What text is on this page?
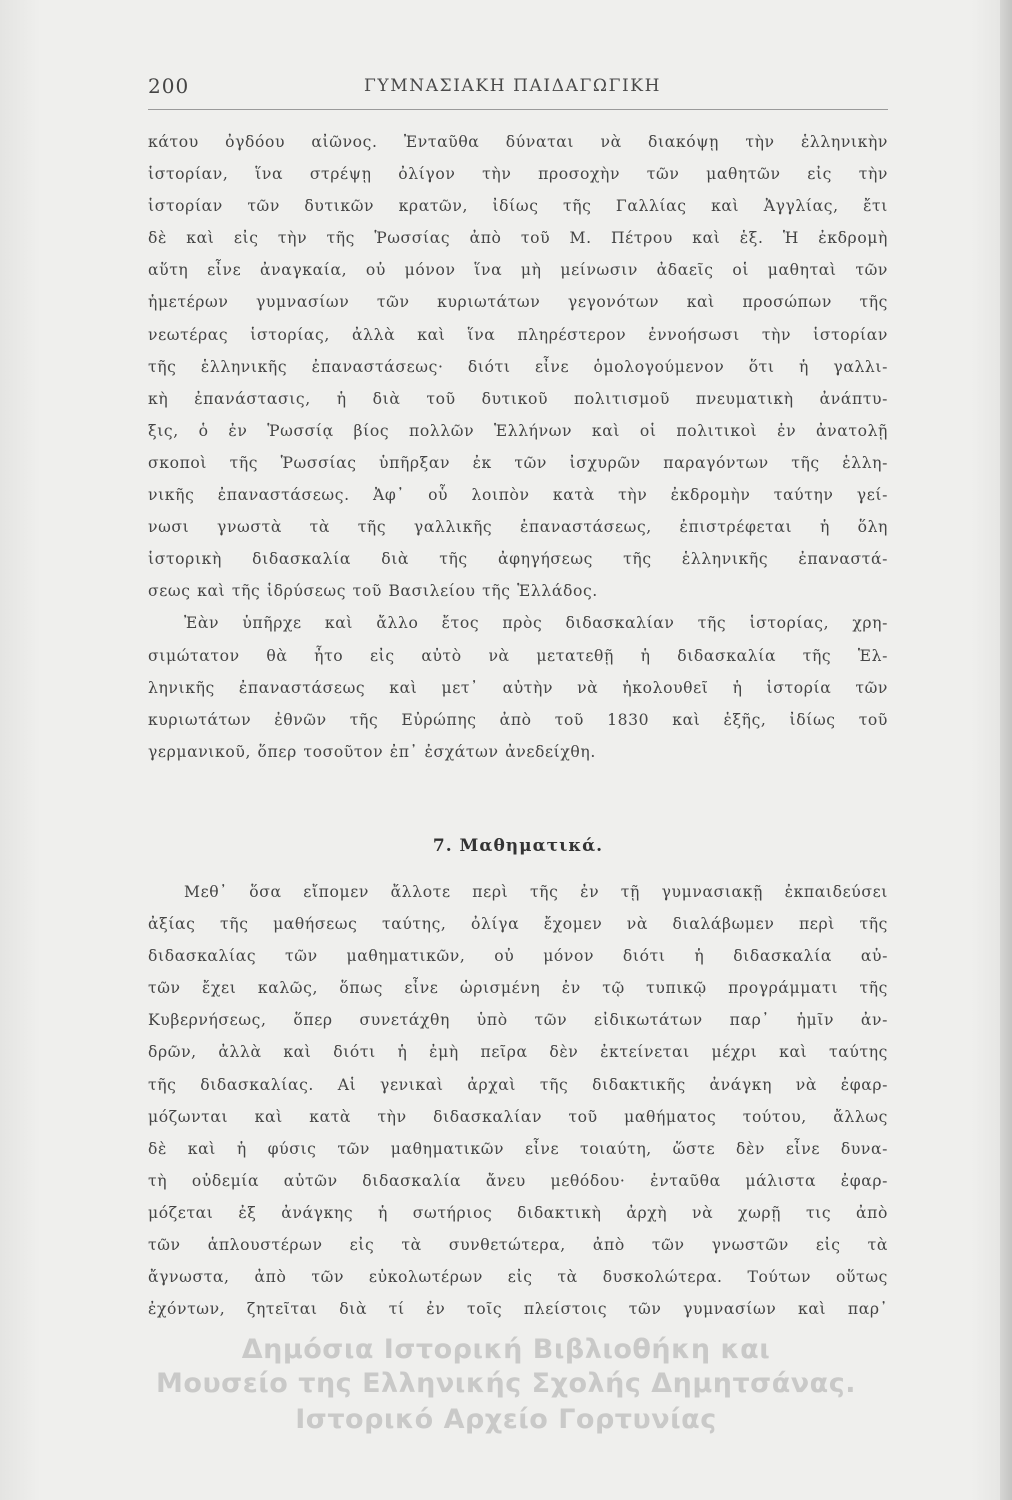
200	ΓΥΜΝΑΣΙΑΚΗ ΠΑΙΔΑΓΩΓΙΚΗ
κάτου ὀγδόου αἰῶνος. Ἐνταῦθα δύναται νὰ διακόψῃ τὴν ἑλληνικὴν
ἱστορίαν, ἵνα στρέψῃ ὀλίγον τὴν προσοχὴν τῶν μαθητῶν εἰς τὴν
ἱστορίαν τῶν δυτικῶν κρατῶν, ἰδίως τῆς Γαλλίας καὶ Ἀγγλίας, ἔτι
δὲ καὶ εἰς τὴν τῆς Ῥωσσίας ἀπὸ τοῦ Μ. Πέτρου καὶ ἑξ. Ἡ ἐκδρομὴ
αὕτη εἶνε ἀναγκαία, οὐ μόνον ἵνα μὴ μείνωσιν ἀδαεῖς οἱ μαθηταὶ τῶν
ἡμετέρων γυμνασίων τῶν κυριωτάτων γεγονότων καὶ προσώπων τῆς
νεωτέρας ἱστορίας, ἀλλὰ καὶ ἵνα πληρέστερον ἐννοήσωσι τὴν ἱστορίαν
τῆς ἑλληνικῆς ἐπαναστάσεως· διότι εἶνε ὁμολογούμενον ὅτι ἡ γαλλι-
κὴ ἐπανάστασις, ἡ διὰ τοῦ δυτικοῦ πολιτισμοῦ πνευματικὴ ἀνάπτυ-
ξις, ὁ ἐν Ῥωσσίᾳ βίος πολλῶν Ἑλλήνων καὶ οἱ πολιτικοὶ ἐν ἀνατολῇ
σκοποὶ τῆς Ῥωσσίας ὑπῆρξαν ἐκ τῶν ἰσχυρῶν παραγόντων τῆς ἑλλη-
νικῆς ἐπαναστάσεως. Ἀφ᾽ οὗ λοιπὸν κατὰ τὴν ἐκδρομὴν ταύτην γεί-
νωσι γνωστὰ τὰ τῆς γαλλικῆς ἐπαναστάσεως, ἐπιστρέφεται ἡ ὅλη
ἱστορικὴ διδασκαλία διὰ τῆς ἀφηγήσεως τῆς ἑλληνικῆς ἐπαναστά-
σεως καὶ τῆς ἱδρύσεως τοῦ Βασιλείου τῆς Ἑλλάδος.
Ἐὰν ὑπῆρχε καὶ ἄλλο ἔτος πρὸς διδασκαλίαν τῆς ἱστορίας, χρη-
σιμώτατον θὰ ἦτο εἰς αὐτὸ νὰ μετατεθῇ ἡ διδασκαλία τῆς Ἑλ-
ληνικῆς ἐπαναστάσεως καὶ μετ᾽ αὐτὴν νὰ ἠκολουθεῖ ἡ ἱστορία τῶν
κυριωτάτων ἐθνῶν τῆς Εὐρώπης ἀπὸ τοῦ 1830 καὶ ἑξῆς, ἰδίως τοῦ
γερμανικοῦ, ὅπερ τοσοῦτον ἐπ᾽ ἐσχάτων ἀνεδείχθη.
7. Μαθηματικά.
Μεθ᾽ ὅσα εἴπομεν ἄλλοτε περὶ τῆς ἐν τῇ γυμνασιακῇ ἐκπαιδεύσει
ἀξίας τῆς μαθήσεως ταύτης, ὀλίγα ἔχομεν νὰ διαλάβωμεν περὶ τῆς
διδασκαλίας τῶν μαθηματικῶν, οὐ μόνον διότι ἡ διδασκαλία αὐ-
τῶν ἔχει καλῶς, ὅπως εἶνε ὡρισμένη ἐν τῷ τυπικῷ προγράμματι τῆς
Κυβερνήσεως, ὅπερ συνετάχθη ὑπὸ τῶν εἰδικωτάτων παρ᾽ ἡμῖν ἀν-
δρῶν, ἀλλὰ καὶ διότι ἡ ἐμὴ πεῖρα δὲν ἐκτείνεται μέχρι καὶ ταύτης
τῆς διδασκαλίας. Αἱ γενικαὶ ἀρχαὶ τῆς διδακτικῆς ἀνάγκη νὰ ἐφαρ-
μόζωνται καὶ κατὰ τὴν διδασκαλίαν τοῦ μαθήματος τούτου, ἄλλως
δὲ καὶ ἡ φύσις τῶν μαθηματικῶν εἶνε τοιαύτη, ὥστε δὲν εἶνε δυνα-
τὴ οὐδεμία αὐτῶν διδασκαλία ἄνευ μεθόδου· ἐνταῦθα μάλιστα ἐφαρ-
μόζεται ἐξ ἀνάγκης ἡ σωτήριος διδακτικὴ ἀρχὴ νὰ χωρῇ τις ἀπὸ
τῶν ἁπλουστέρων εἰς τὰ συνθετώτερα, ἀπὸ τῶν γνωστῶν εἰς τὰ
ἄγνωστα, ἀπὸ τῶν εὐκολωτέρων εἰς τὰ δυσκολώτερα. Τούτων οὕτως
ἐχόντων, ζητεῖται διὰ τί ἐν τοῖς πλείστοις τῶν γυμνασίων καὶ παρ᾽
Δημόσια Ιστορική Βιβλιοθήκη και
Μουσείο της Ελληνικής Σχολής Δημητσάνας.
Ιστορικό Αρχείο Γορτυνίας
